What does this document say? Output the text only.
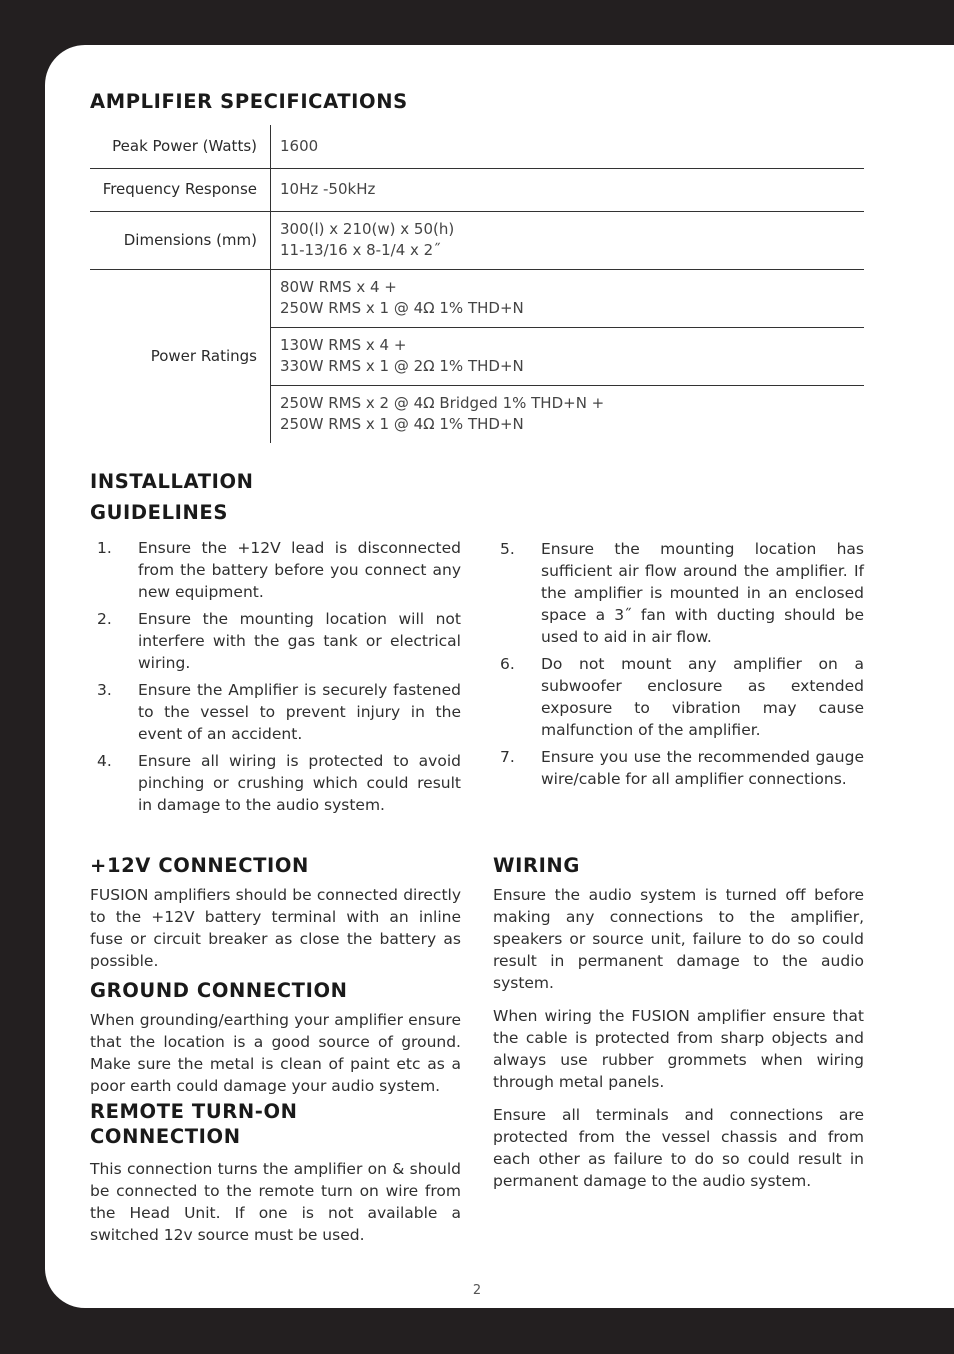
AMPLIFIER SPECIFICATIONS
Peak Power (Watts)	1600
Frequency Response	10Hz -50kHz
Dimensions (mm)	300(l) x 210(w) x 50(h)
11-13/16 x 8-1/4 x 2˝

Power Ratings	80W RMS x 4 +
250W RMS x 1 @ 4Ω 1% THD+N

	130W RMS x 4 +
330W RMS x 1 @ 2Ω 1% THD+N

	250W RMS x 2 @ 4Ω Bridged 1% THD+N +
250W RMS x 1 @ 4Ω 1% THD+N
INSTALLATION
GUIDELINES
1. Ensure the +12V lead is disconnected from the battery before you connect any new equipment.
2. Ensure the mounting location will not interfere with the gas tank or electrical wiring.
3. Ensure the Amplifier is securely fastened to the vessel to prevent injury in the event of an accident.
4. Ensure all wiring is protected to avoid pinching or crushing which could result in damage to the audio system.
5. Ensure the mounting location has sufficient air flow around the amplifier. If the amplifier is mounted in an enclosed space a 3˝ fan with ducting should be used to aid in air flow.
6. Do not mount any amplifier on a subwoofer enclosure as extended exposure to vibration may cause malfunction of the amplifier.
7. Ensure you use the recommended gauge wire/cable for all amplifier connections.
+12V CONNECTION

FUSION amplifiers should be connected directly to the +12V battery terminal with an inline fuse or circuit breaker as close the battery as possible.

GROUND CONNECTION

When grounding/earthing your amplifier ensure that the location is a good source of ground. Make sure the metal is clean of paint etc as a poor earth could damage your audio system.

REMOTE TURN-ON
CONNECTION

This connection turns the amplifier on & should be connected to the remote turn on wire from the Head Unit. If one is not available a switched 12v source must be used.

WIRING

Ensure the audio system is turned off before making any connections to the amplifier, speakers or source unit, failure to do so could result in permanent damage to the audio system.

When wiring the FUSION amplifier ensure that the cable is protected from sharp objects and always use rubber grommets when wiring through metal panels.

Ensure all terminals and connections are protected from the vessel chassis and from each other as failure to do so could result in permanent damage to the audio system.

2
